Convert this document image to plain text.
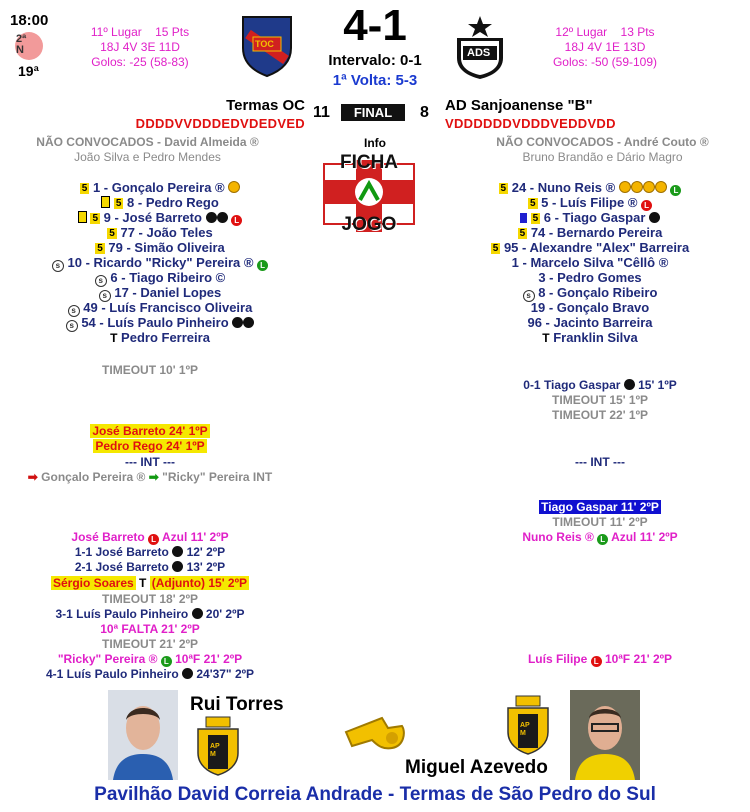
18:00
2ª N
19ª
11º Lugar 15 Pts
18J 4V 3E 11D
Golos: -25 (58-83)
TOC	4-1
Intervalo: 0-1
1ª Volta: 5-3
ADS
12º Lugar 13 Pts
18J 4V 1E 13D
Golos: -50 (59-109)
Termas OC	AD Sanjoanense "B"
DDDDVVDDDEDVDEDVED	VDDDDDDVDDDVEDDVDD
11	FINAL	8
NÃO CONVOCADOS - David Almeida ®
João Silva e Pedro Mendes
NÃO CONVOCADOS - André Couto ®
Bruno Brandão e Dário Magro
Info
FICHA
JOGO
5 1 - Gonçalo Pereira ®
5 8 - Pedro Rego
5 9 - José Barreto	L
5 77 - João Teles
5 79 - Simão Oliveira
s 10 - Ricardo "Ricky" Pereira ® L
s 6 - Tiago Ribeiro ©
s 17 - Daniel Lopes
s 49 - Luís Francisco Oliveira
s 54 - Luís Paulo Pinheiro
T Pedro Ferreira
5 24 - Nuno Reis ®	L
5 5 - Luís Filipe ® L
5 6 - Tiago Gaspar
5 74 - Bernardo Pereira
5 95 - Alexandre "Alex" Barreira
1 - Marcelo Silva "Cêllô ®
3 - Pedro Gomes
s 8 - Gonçalo Ribeiro
19 - Gonçalo Bravo
96 - Jacinto Barreira
T Franklin Silva
TIMEOUT 10' 1ºP
José Barreto 24' 1ºP
Pedro Rego 24' 1ºP
--- INT ---
➡ Gonçalo Pereira ® ➡ "Ricky" Pereira INT
José Barreto L Azul 11' 2ºP
1-1 José Barreto 12' 2ºP
2-1 José Barreto 13' 2ºP
Sérgio Soares T (Adjunto) 15' 2ºP
TIMEOUT 18' 2ºP
3-1 Luís Paulo Pinheiro 20' 2ºP
10ª FALTA 21' 2ºP
TIMEOUT 21' 2ºP
"Ricky" Pereira ® L 10ªF 21' 2ºP
4-1 Luís Paulo Pinheiro 24'37" 2ºP
0-1 Tiago Gaspar 15' 1ºP
TIMEOUT 15' 1ºP
TIMEOUT 22' 1ºP
--- INT ---
Tiago Gaspar 11' 2ºP
TIMEOUT 11' 2ºP
Nuno Reis ® L Azul 11' 2ºP
Luís Filipe L 10ªF 21' 2ºP
Rui Torres
APM
APM
Miguel Azevedo
Pavilhão David Correia Andrade - Termas de São Pedro do Sul
